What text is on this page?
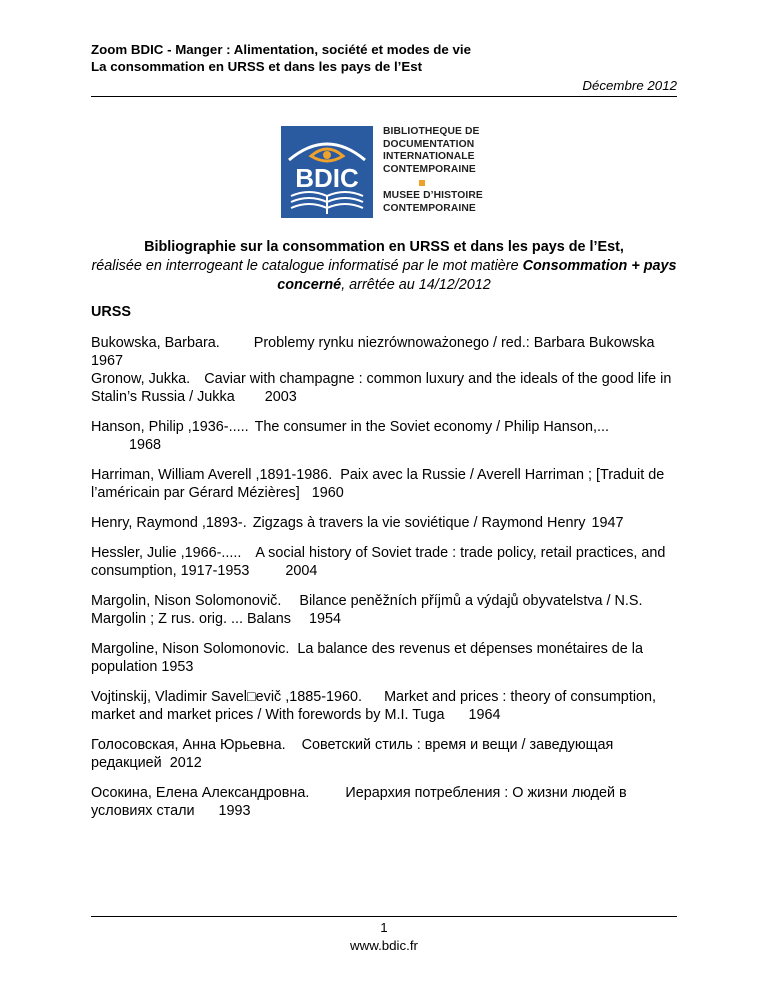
Zoom BDIC - Manger : Alimentation, société et modes de vie
La consommation en URSS et dans les pays de l’Est
Décembre 2012
BDIC
BIBLIOTHEQUE DE
DOCUMENTATION
INTERNATIONALE
CONTEMPORAINE
MUSEE D’HISTOIRE
CONTEMPORAINE
Bibliographie sur la consommation en URSS et dans les pays de l’Est,
réalisée en interrogeant le catalogue informatisé par le mot matière Consommation + pays concerné, arrêtée au 14/12/2012
URSS
Bukowska, Barbara. Problemy rynku niezrównoważonego / red.: Barbara Bukowska1967
Gronow, Jukka. Caviar with champagne : common luxury and the ideals of the good life in Stalin’s Russia / Jukka 2003
Hanson, Philip ,1936-..... The consumer in the Soviet economy / Philip Hanson,...
1968
Harriman, William Averell ,1891-1986. Paix avec la Russie / Averell Harriman ; [Traduit de l’américain par Gérard Mézières] 1960
Henry, Raymond ,1893-. Zigzags à travers la vie soviétique / Raymond Henry 1947
Hessler, Julie ,1966-..... A social history of Soviet trade : trade policy, retail practices, and consumption, 1917-1953	2004
Margolin, Nison Solomonovič. Bilance peněžních příjmů a výdajů obyvatelstva / N.S. Margolin ; Z rus. orig. ... Balans 1954
Margoline, Nison Solomonovic. La balance des revenus et dépenses monétaires de la population 1953
Vojtinskij, Vladimir Savel□evič ,1885-1960. Market and prices : theory of consumption, market and market prices / With forewords by M.I. Tuga 1964
Голосовская, Анна Юрьевна. Советский стиль : время и вещи / заведующая редакцией 2012
Осокина, Елена Александровна.	Иерархия потребления : О жизни людей в условиях стали 1993
1
www.bdic.fr
